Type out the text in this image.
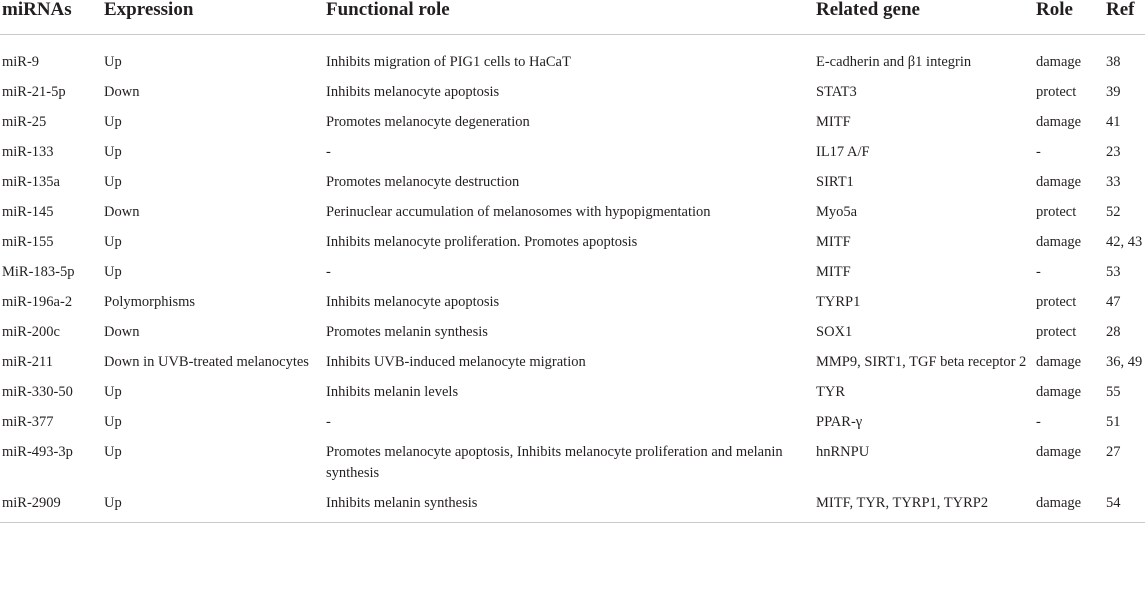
miRNAs	Expression	Functional role	Related gene	Role	Ref
miR-9	Up	Inhibits migration of PIG1 cells to HaCaT	E-cadherin and β1 integrin	damage	38
miR-21-5p	Down	Inhibits melanocyte apoptosis	STAT3	protect	39
miR-25	Up	Promotes melanocyte degeneration	MITF	damage	41
miR-133	Up	-	IL17 A/F	-	23
miR-135a	Up	Promotes melanocyte destruction	SIRT1	damage	33
miR-145	Down	Perinuclear accumulation of melanosomes with hypopigmentation	Myo5a	protect	52
miR-155	Up	Inhibits melanocyte proliferation. Promotes apoptosis	MITF	damage	42, 43
MiR-183-5p	Up	-	MITF	-	53
miR-196a-2	Polymorphisms	Inhibits melanocyte apoptosis	TYRP1	protect	47
miR-200c	Down	Promotes melanin synthesis	SOX1	protect	28
miR-211	Down in UVB-treated melanocytes	Inhibits UVB-induced melanocyte migration	MMP9, SIRT1, TGF beta receptor 2	damage	36, 49
miR-330-50	Up	Inhibits melanin levels	TYR	damage	55
miR-377	Up	-	PPAR-γ	-	51
miR-493-3p	Up	Promotes melanocyte apoptosis, Inhibits melanocyte proliferation and melanin synthesis	hnRNPU	damage	27
miR-2909	Up	Inhibits melanin synthesis	MITF, TYR, TYRP1, TYRP2	damage	54
